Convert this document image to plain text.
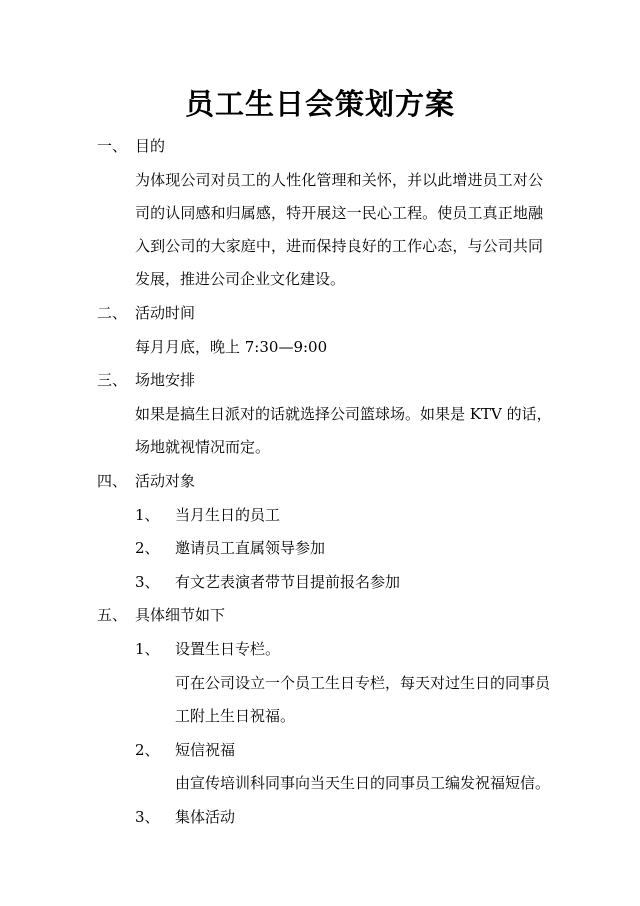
员工生日会策划方案
一、 目的
为体现公司对员工的人性化管理和关怀，并以此增进员工对公
司的认同感和归属感，特开展这一民心工程。使员工真正地融
入到公司的大家庭中，进而保持良好的工作心态，与公司共同
发展，推进公司企业文化建设。
二、 活动时间
每月月底，晚上 7:30—9:00
三、 场地安排
如果是搞生日派对的话就选择公司篮球场。如果是 KTV 的话，
场地就视情况而定。
四、 活动对象
1、 当月生日的员工
2、 邀请员工直属领导参加
3、 有文艺表演者带节目提前报名参加
五、 具体细节如下
1、 设置生日专栏。
可在公司设立一个员工生日专栏，每天对过生日的同事员
工附上生日祝福。
2、 短信祝福
由宣传培训科同事向当天生日的同事员工编发祝福短信。
3、 集体活动
